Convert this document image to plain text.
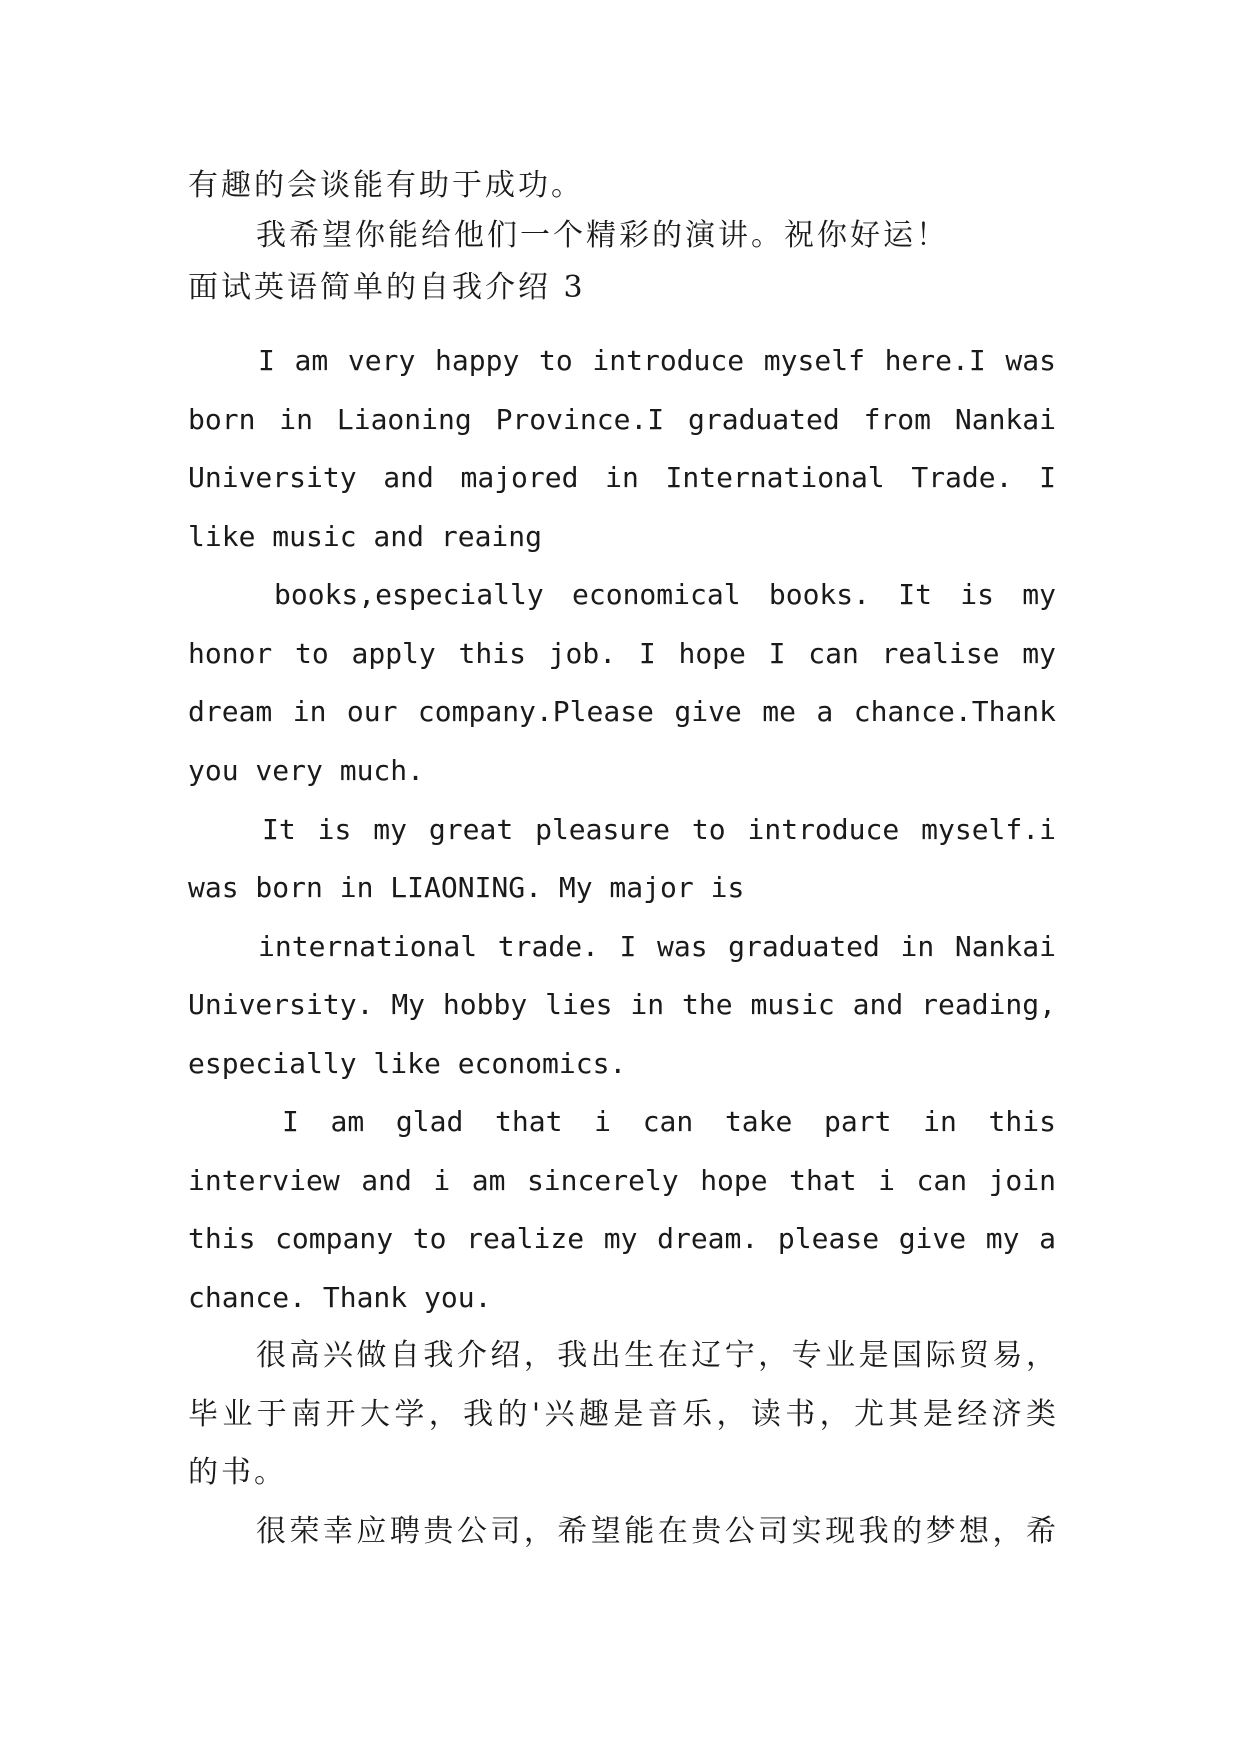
有趣的会谈能有助于成功。
我希望你能给他们一个精彩的演讲。祝你好运！
面试英语简单的自我介绍 3
I am very happy to introduce myself here.I was
born in Liaoning Province.I graduated from Nankai
University and majored in International Trade. I
like music and reaing
books,especially economical books. It is my
honor to apply this job. I hope I can realise my
dream in our company.Please give me a chance.Thank
you very much.
It is my great pleasure to introduce myself.i
was born in LIAONING. My major is
international trade. I was graduated in Nankai
University. My hobby lies in the music and reading,
especially like economics.
I am glad that i can take part in this
interview and i am sincerely hope that i can join
this company to realize my dream. please give my a
chance. Thank you.
很高兴做自我介绍，我出生在辽宁，专业是国际贸易，
毕业于南开大学，我的'兴趣是音乐，读书，尤其是经济类
的书。
很荣幸应聘贵公司，希望能在贵公司实现我的梦想，希
